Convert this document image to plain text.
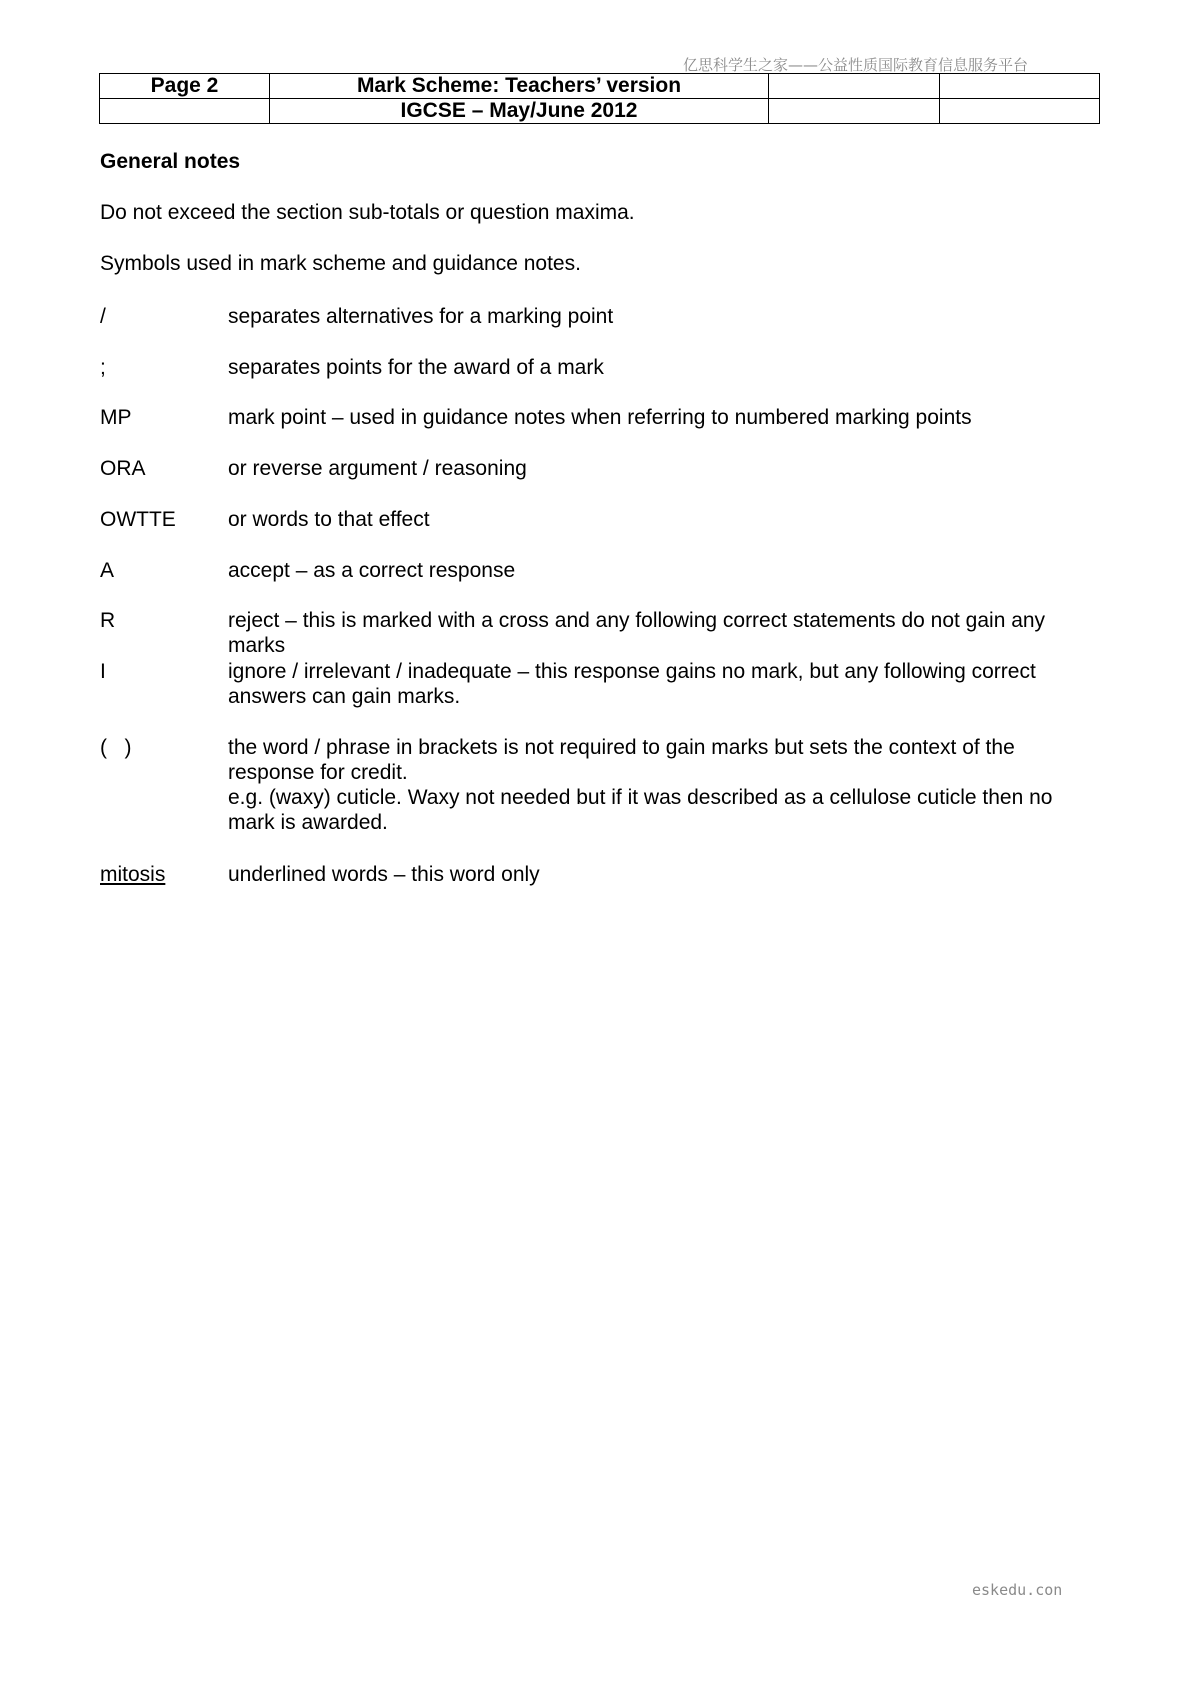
亿思科学生之家——公益性质国际教育信息服务平台
Page 2	Mark Scheme: Teachers’ version		
	IGCSE – May/June 2012		
General notes
Do not exceed the section sub-totals or question maxima.
Symbols used in mark scheme and guidance notes.
/	separates alternatives for a marking point
;	separates points for the award of a mark
MP	mark point – used in guidance notes when referring to numbered marking points
ORA	or reverse argument / reasoning
OWTTE or words to that effect
A	accept – as a correct response
R	reject – this is marked with a cross and any following correct statements do not gain any marks
I	ignore / irrelevant / inadequate – this response gains no mark, but any following correct answers can gain marks.
(   )	the word / phrase in brackets is not required to gain marks but sets the context of the response for credit.
e.g. (waxy) cuticle. Waxy not needed but if it was described as a cellulose cuticle then no mark is awarded.
mitosis	underlined words – this word only
eskedu.con
